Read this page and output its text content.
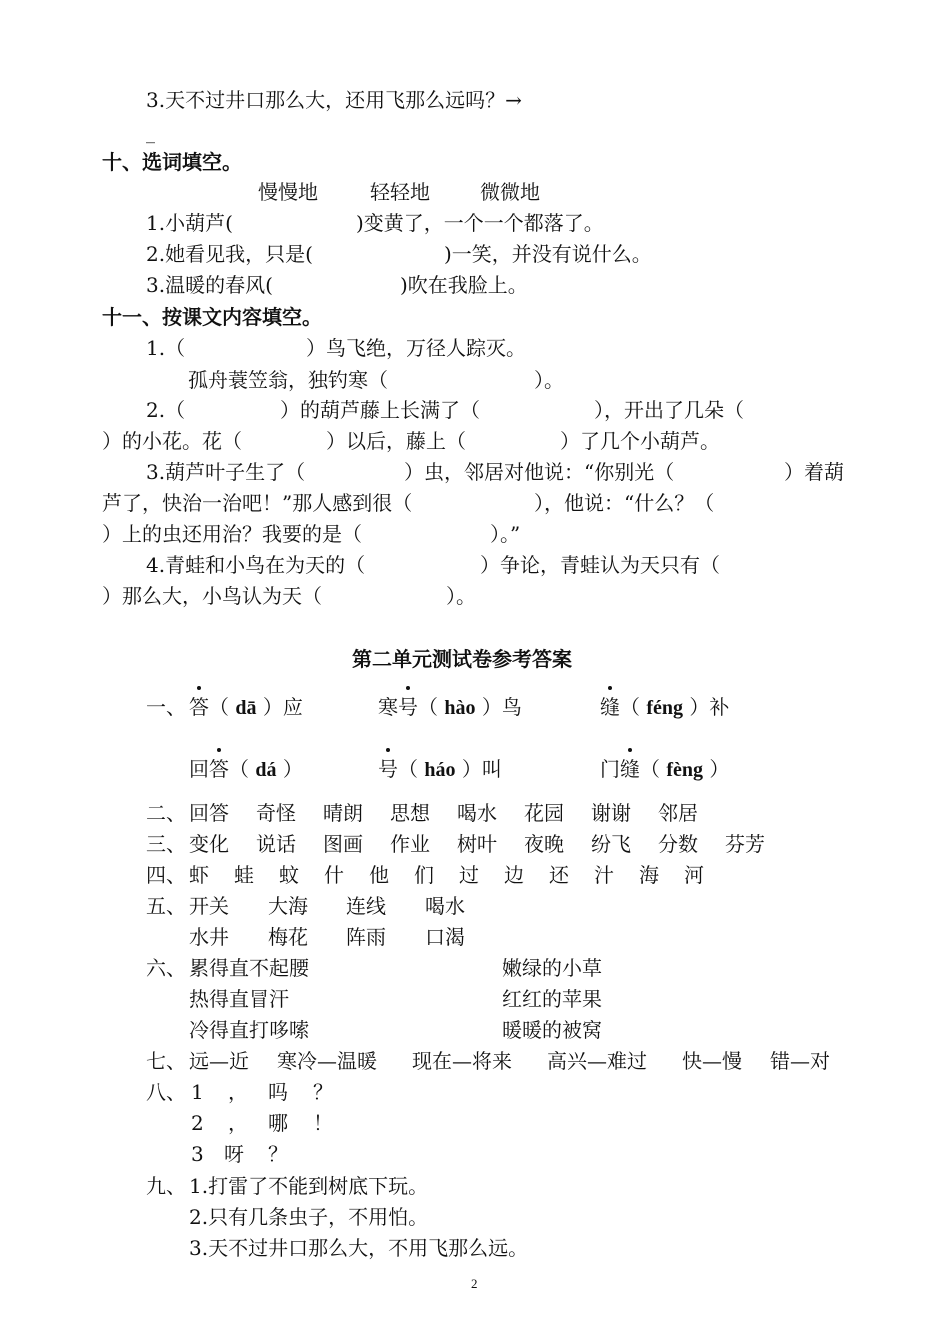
3.天不过井口那么大，还用飞那么远吗？→
_
十、选词填空。
慢慢地	轻轻地	微微地
1.小葫芦(	)变黄了，一个一个都落了。
2.她看见我，只是(	)一笑，并没有说什么。
3.温暖的春风(	)吹在我脸上。
十一、按课文内容填空。
1.（	）鸟飞绝，万径人踪灭。
孤舟蓑笠翁，独钓寒（	）。
2.（	）的葫芦藤上长满了（	），开出了几朵（
）的小花。花（	）以后，藤上（	）了几个小葫芦。
3.葫芦叶子生了（	）虫，邻居对他说：“你别光（	）着葫
芦了，快治一治吧！”那人感到很（	），他说：“什么？（
）上的虫还用治？我要的是（	）。”
4.青蛙和小鸟在为天的（	）争论，青蛙认为天只有（
）那么大，小鸟认为天（	）。
第二单元测试卷参考答案
一、 答（ dā ）应	寒号（ hào ）鸟	缝（ féng ）补
回答（ dá ）	号（ háo ）叫	门缝（ fèng ）
二、 回答 奇怪 晴朗 思想 喝水 花园 谢谢 邻居
三、 变化 说话 图画 作业 树叶 夜晚 纷飞 分数 芬芳
四、 虾 蛙 蚊 什 他 们 过 边 还 汁 海 河
五、 开关 大海 连线 喝水
水井 梅花 阵雨 口渴
六、 累得直不起腰	嫩绿的小草
热得直冒汗	红红的苹果
冷得直打哆嗦	暖暖的被窝
七、 远—近 寒冷—温暖 现在—将来 高兴—难过 快—慢 错—对
八、 1 ， 吗 ？
2 ， 哪 ！
3 呀 ？
九、 1.打雷了不能到树底下玩。
2.只有几条虫子，不用怕。
3.天不过井口那么大，不用飞那么远。
2
